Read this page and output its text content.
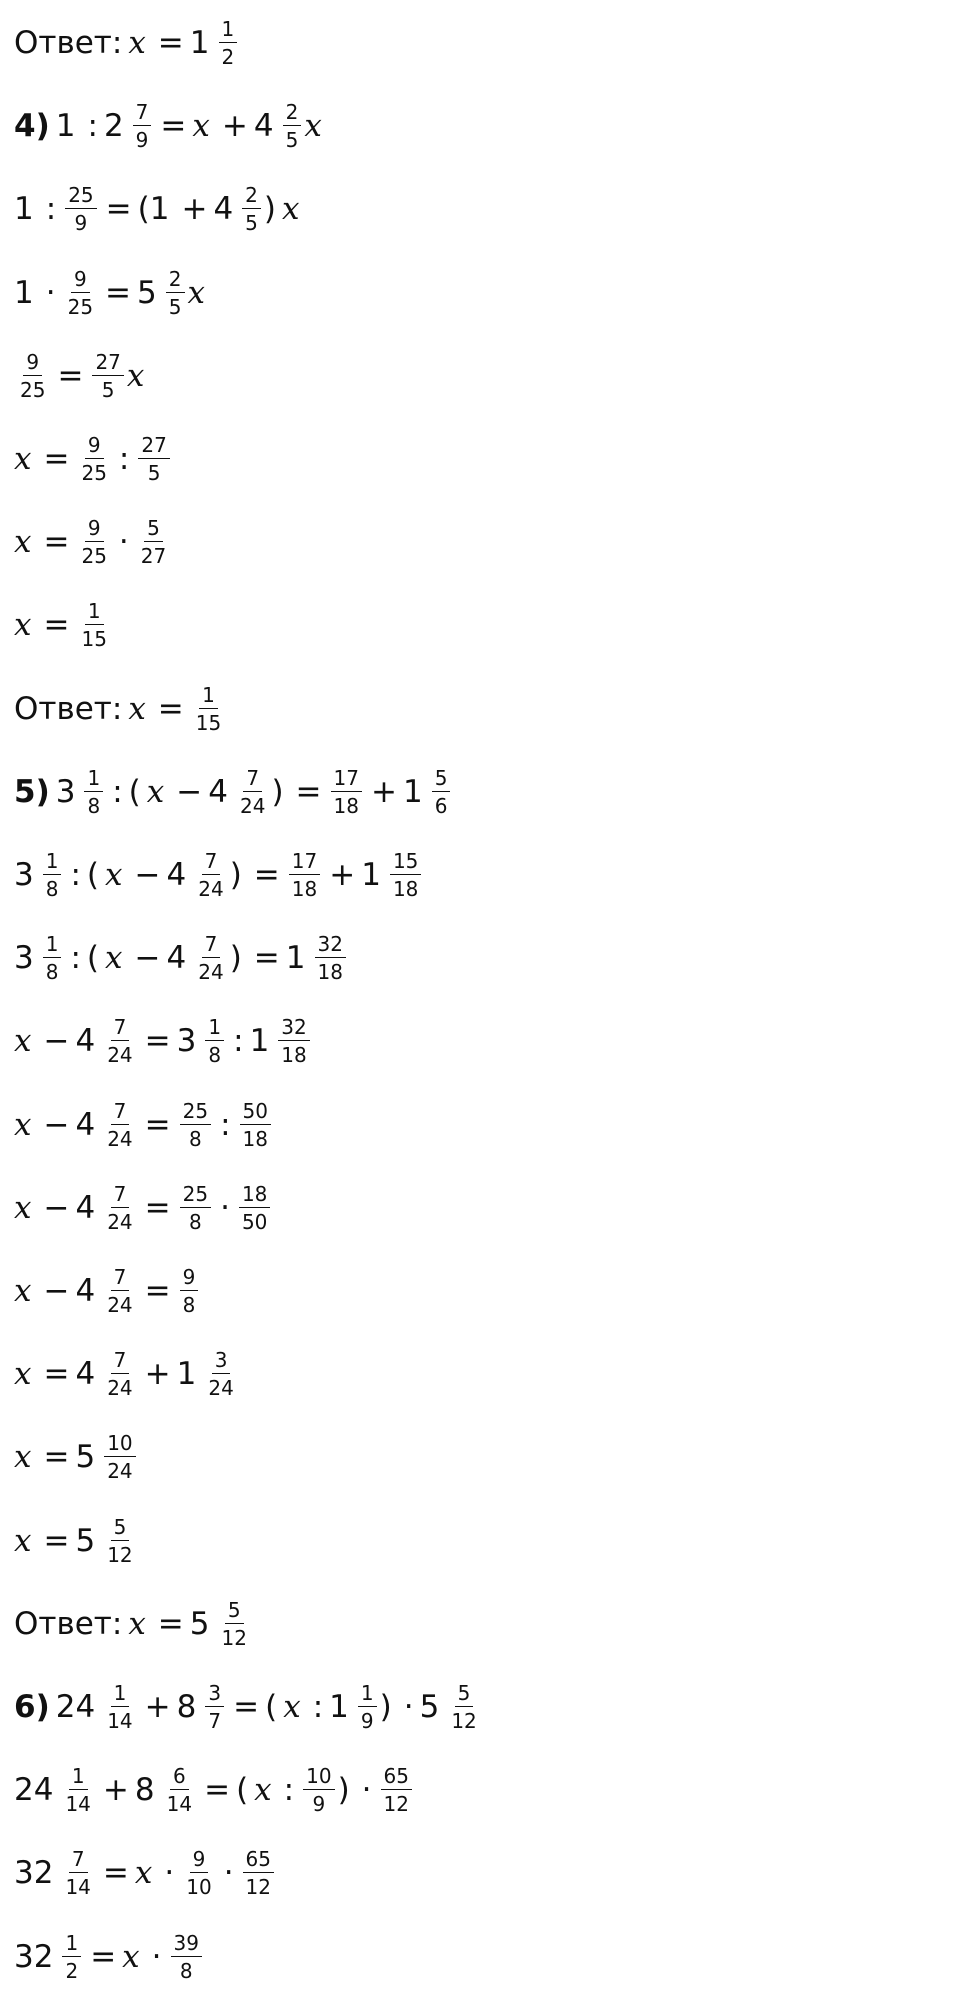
Ответ: $x = 1 \frac{1}{2}$
4) 1 : $2 \frac{7}{9} = x + 4 \frac{2}{5}$ x
1 : $\frac{25}{9} = (1 + 4 \frac{2}{5}$ ) x
$1 \cdot \frac{9}{25} = 5 \frac{2}{5}$ x
$\frac{9}{25} = \frac{27}{5}$ x
$x = \frac{9}{25}$ : $\frac{27}{5}$
$x = \frac{9}{25} \cdot \frac{5}{27}$
$x = \frac{1}{15}$
Ответ: $x = \frac{1}{15}$
5) $3 \frac{1}{8}$ : ( $x - 4 \frac{7}{24}$ ) = $\frac{17}{18} + 1 \frac{5}{6}$
$3 \frac{1}{8}$ : ( $x - 4 \frac{7}{24}$ ) = $\frac{17}{18} + 1 \frac{15}{18}$
$3 \frac{1}{8}$ : ( $x - 4 \frac{7}{24}$ ) = $1 \frac{32}{18}$
$x - 4 \frac{7}{24} = 3 \frac{1}{8}$ : $1 \frac{32}{18}$
$x - 4 \frac{7}{24} = \frac{25}{8}$ : $\frac{50}{18}$
$x - 4 \frac{7}{24} = \frac{25}{8} \cdot \frac{18}{50}$
$x - 4 \frac{7}{24} = \frac{9}{8}$
$x = 4 \frac{7}{24} + 1 \frac{3}{24}$
$x = 5 \frac{10}{24}$
$x = 5 \frac{5}{12}$
Ответ: $x = 5 \frac{5}{12}$
6) $24 \frac{1}{14} + 8 \frac{3}{7}$ = ( x : $1 \frac{1}{9}$ ) · $5 \frac{5}{12}$
$24 \frac{1}{14} + 8 \frac{6}{14}$ = ( x : $\frac{10}{9}$ ) · $\frac{65}{12}$
$32 \frac{7}{14} = x \cdot \frac{9}{10} \cdot \frac{65}{12}$
$32 \frac{1}{2} = x \cdot \frac{39}{8}$
